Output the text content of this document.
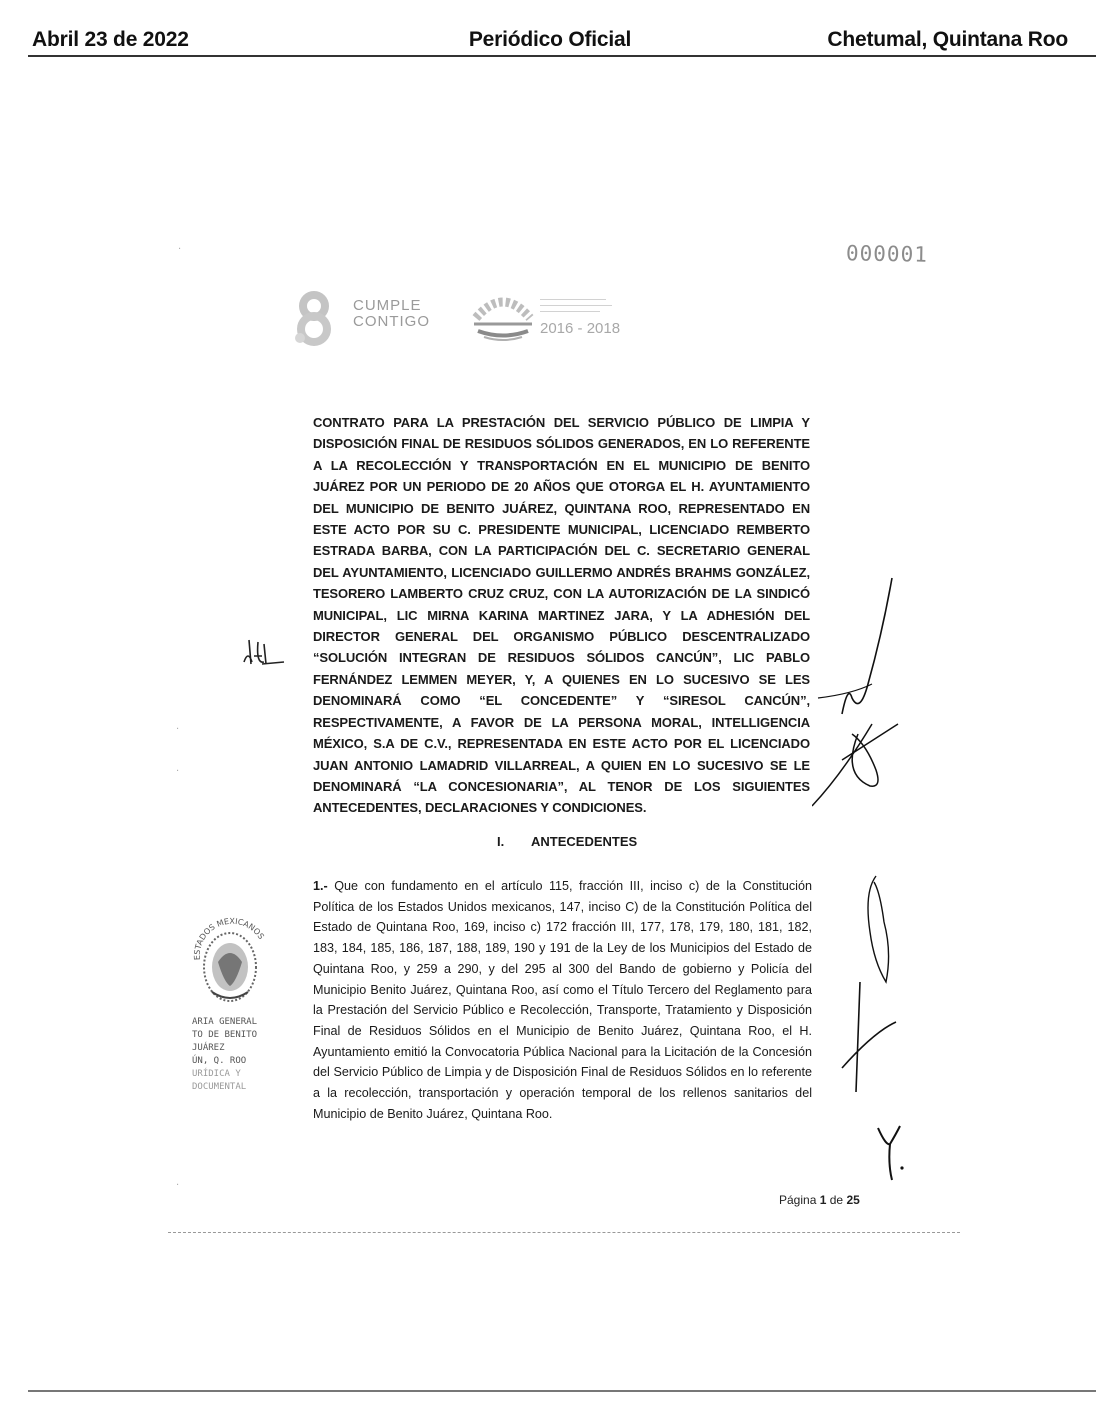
Abril 23 de 2022	Periódico Oficial	Chetumal, Quintana Roo
000001
CUMPLE
CONTIGO	2016 - 2018
CONTRATO PARA LA PRESTACIÓN DEL SERVICIO PÚBLICO DE LIMPIA Y DISPOSICIÓN FINAL DE RESIDUOS SÓLIDOS GENERADOS, EN LO REFERENTE A LA RECOLECCIÓN Y TRANSPORTACIÓN EN EL MUNICIPIO DE BENITO JUÁREZ POR UN PERIODO DE 20 AÑOS QUE OTORGA EL H. AYUNTAMIENTO DEL MUNICIPIO DE BENITO JUÁREZ, QUINTANA ROO, REPRESENTADO EN ESTE ACTO POR SU C. PRESIDENTE MUNICIPAL, LICENCIADO REMBERTO ESTRADA BARBA, CON LA PARTICIPACIÓN DEL C. SECRETARIO GENERAL DEL AYUNTAMIENTO, LICENCIADO GUILLERMO ANDRÉS BRAHMS GONZÁLEZ, TESORERO LAMBERTO CRUZ CRUZ, CON LA AUTORIZACIÓN DE LA SINDICÓ MUNICIPAL, LIC MIRNA KARINA MARTINEZ JARA, Y LA ADHESIÓN DEL DIRECTOR GENERAL DEL ORGANISMO PÚBLICO DESCENTRALIZADO “SOLUCIÓN INTEGRAN DE RESIDUOS SÓLIDOS CANCÚN”, LIC PABLO FERNÁNDEZ LEMMEN MEYER, Y, A QUIENES EN LO SUCESIVO SE LES DENOMINARÁ COMO “EL CONCEDENTE” Y “SIRESOL CANCÚN”, RESPECTIVAMENTE, A FAVOR DE LA PERSONA MORAL, INTELLIGENCIA MÉXICO, S.A DE C.V., REPRESENTADA EN ESTE ACTO POR EL LICENCIADO JUAN ANTONIO LAMADRID VILLARREAL, A QUIEN EN LO SUCESIVO SE LE DENOMINARÁ “LA CONCESIONARIA”, AL TENOR DE LOS SIGUIENTES ANTECEDENTES, DECLARACIONES Y CONDICIONES.
I. ANTECEDENTES
1.- Que con fundamento en el artículo 115, fracción III, inciso c) de la Constitución Política de los Estados Unidos mexicanos, 147, inciso C) de la Constitución Política del Estado de Quintana Roo, 169, inciso c) 172 fracción III, 177, 178, 179, 180, 181, 182, 183, 184, 185, 186, 187, 188, 189, 190 y 191 de la Ley de los Municipios del Estado de Quintana Roo, y 259 a 290, y del 295 al 300 del Bando de gobierno y Policía del Municipio Benito Juárez, Quintana Roo, así como el Título Tercero del Reglamento para la Prestación del Servicio Público e Recolección, Transporte, Tratamiento y Disposición Final de Residuos Sólidos en el Municipio de Benito Juárez, Quintana Roo, el H. Ayuntamiento emitió la Convocatoria Pública Nacional para la Licitación de la Concesión del Servicio Público de Limpia y de Disposición Final de Residuos Sólidos en lo referente a la recolección, transportación y operación temporal de los rellenos sanitarios del Municipio de Benito Juárez, Quintana Roo.
Página 1 de 25
ESTADOS MEXICANOS
ARIA GENERAL
TO DE BENITO JUÁREZ
ÚN, Q. ROO
URÍDICA Y DOCUMENTAL
·
·
·
·
